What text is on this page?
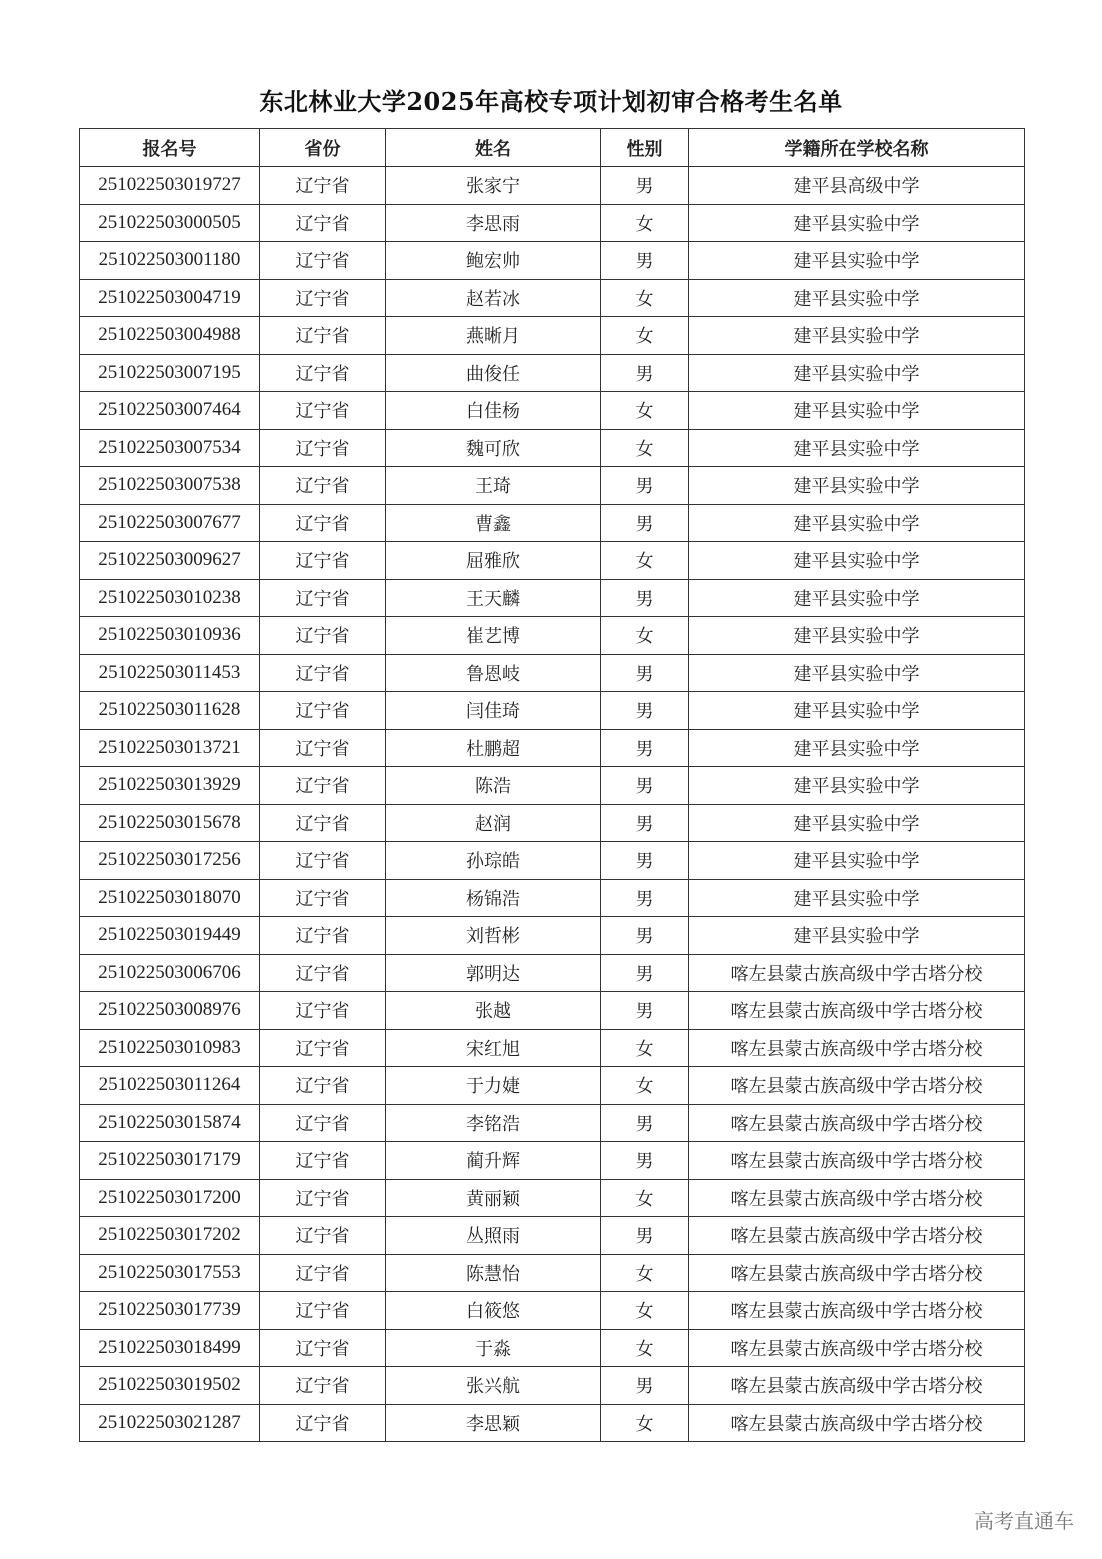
东北林业大学2025年高校专项计划初审合格考生名单
报名号	省份	姓名	性别	学籍所在学校名称
251022503019727	辽宁省	张家宁	男	建平县高级中学
251022503000505	辽宁省	李思雨	女	建平县实验中学
251022503001180	辽宁省	鲍宏帅	男	建平县实验中学
251022503004719	辽宁省	赵若冰	女	建平县实验中学
251022503004988	辽宁省	燕晰月	女	建平县实验中学
251022503007195	辽宁省	曲俊任	男	建平县实验中学
251022503007464	辽宁省	白佳杨	女	建平县实验中学
251022503007534	辽宁省	魏可欣	女	建平县实验中学
251022503007538	辽宁省	王琦	男	建平县实验中学
251022503007677	辽宁省	曹鑫	男	建平县实验中学
251022503009627	辽宁省	屈雅欣	女	建平县实验中学
251022503010238	辽宁省	王天麟	男	建平县实验中学
251022503010936	辽宁省	崔艺博	女	建平县实验中学
251022503011453	辽宁省	鲁恩岐	男	建平县实验中学
251022503011628	辽宁省	闫佳琦	男	建平县实验中学
251022503013721	辽宁省	杜鹏超	男	建平县实验中学
251022503013929	辽宁省	陈浩	男	建平县实验中学
251022503015678	辽宁省	赵润	男	建平县实验中学
251022503017256	辽宁省	孙琮皓	男	建平县实验中学
251022503018070	辽宁省	杨锦浩	男	建平县实验中学
251022503019449	辽宁省	刘哲彬	男	建平县实验中学
251022503006706	辽宁省	郭明达	男	喀左县蒙古族高级中学古塔分校
251022503008976	辽宁省	张越	男	喀左县蒙古族高级中学古塔分校
251022503010983	辽宁省	宋红旭	女	喀左县蒙古族高级中学古塔分校
251022503011264	辽宁省	于力婕	女	喀左县蒙古族高级中学古塔分校
251022503015874	辽宁省	李铭浩	男	喀左县蒙古族高级中学古塔分校
251022503017179	辽宁省	蔺升辉	男	喀左县蒙古族高级中学古塔分校
251022503017200	辽宁省	黄丽颖	女	喀左县蒙古族高级中学古塔分校
251022503017202	辽宁省	丛照雨	男	喀左县蒙古族高级中学古塔分校
251022503017553	辽宁省	陈慧怡	女	喀左县蒙古族高级中学古塔分校
251022503017739	辽宁省	白筱悠	女	喀左县蒙古族高级中学古塔分校
251022503018499	辽宁省	于淼	女	喀左县蒙古族高级中学古塔分校
251022503019502	辽宁省	张兴航	男	喀左县蒙古族高级中学古塔分校
251022503021287	辽宁省	李思颖	女	喀左县蒙古族高级中学古塔分校
高考直通车
